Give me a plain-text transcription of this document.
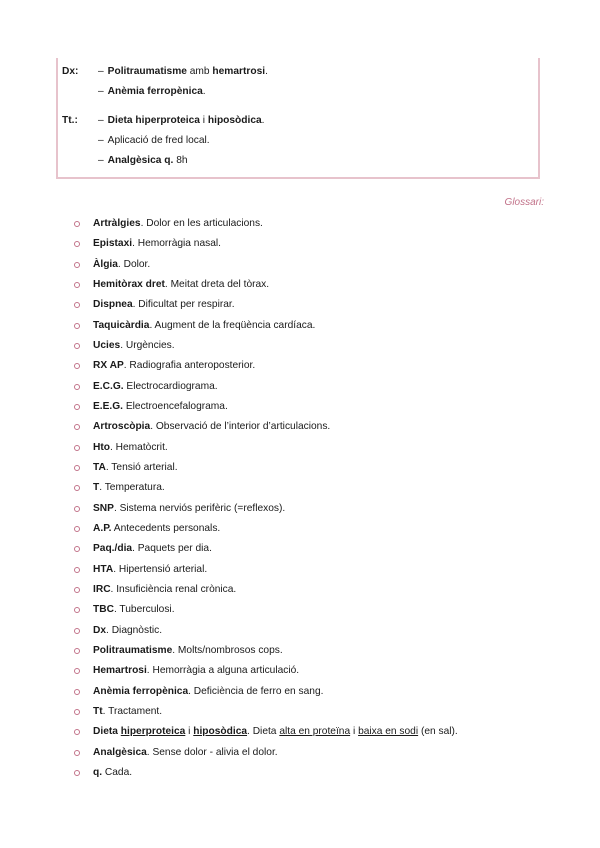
Dx: – Politraumatisme amb hemartrosi.
– Anèmia ferropènica.
Tt.: – Dieta hiperproteica i hiposòdica.
– Aplicació de fred local.
– Analgèsica q. 8h
Glossari:
Artràlgies. Dolor en les articulacions.
Epistaxi. Hemorràgia nasal.
Àlgia. Dolor.
Hemitòrax dret. Meitat dreta del tòrax.
Dispnea. Dificultat per respirar.
Taquicàrdia. Augment de la freqüència cardíaca.
Ucies. Urgències.
RX AP. Radiografia anteroposterior.
E.C.G. Electrocardiograma.
E.E.G. Electroencefalograma.
Artroscòpia. Observació de l’interior d’articulacions.
Hto. Hematòcrit.
TA. Tensió arterial.
T. Temperatura.
SNP. Sistema nerviós perifèric (=reflexos).
A.P. Antecedents personals.
Paq./dia. Paquets per dia.
HTA. Hipertensió arterial.
IRC. Insuficiència renal crònica.
TBC. Tuberculosi.
Dx. Diagnòstic.
Politraumatisme. Molts/nombrosos cops.
Hemartrosi. Hemorràgia a alguna articulació.
Anèmia ferropènica. Deficiència de ferro en sang.
Tt. Tractament.
Dieta hiperproteica i hiposòdica. Dieta alta en proteïna i baixa en sodi (en sal).
Analgèsica. Sense dolor - alivia el dolor.
q. Cada.
